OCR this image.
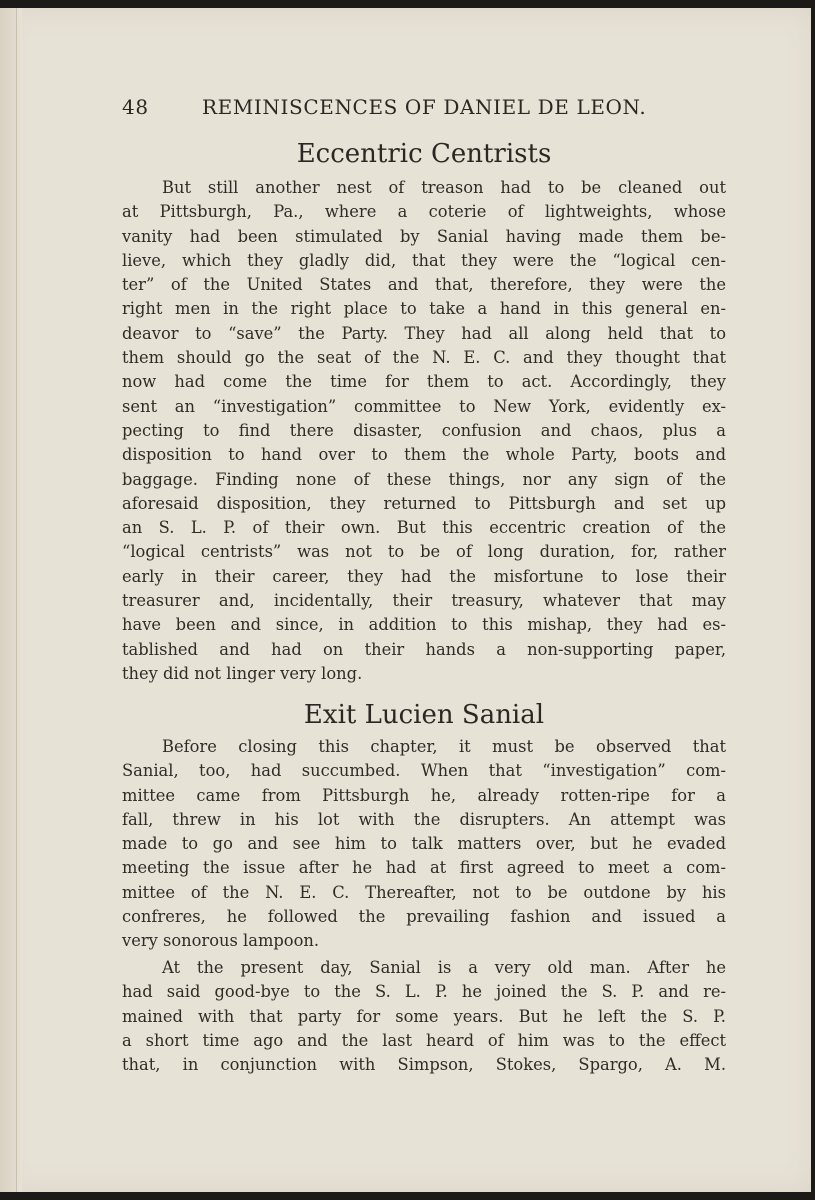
48	REMINISCENCES OF DANIEL DE LEON.
Eccentric Centrists
But still another nest of treason had to be cleaned out
at Pittsburgh, Pa., where a coterie of lightweights, whose
vanity had been stimulated by Sanial having made them be-
lieve, which they gladly did, that they were the “logical cen-
ter” of the United States and that, therefore, they were the
right men in the right place to take a hand in this general en-
deavor to “save” the Party. They had all along held that to
them should go the seat of the N. E. C. and they thought that
now had come the time for them to act. Accordingly, they
sent an “investigation” committee to New York, evidently ex-
pecting to find there disaster, confusion and chaos, plus a
disposition to hand over to them the whole Party, boots and
baggage. Finding none of these things, nor any sign of the
aforesaid disposition, they returned to Pittsburgh and set up
an S. L. P. of their own. But this eccentric creation of the
“logical centrists” was not to be of long duration, for, rather
early in their career, they had the misfortune to lose their
treasurer and, incidentally, their treasury, whatever that may
have been and since, in addition to this mishap, they had es-
tablished and had on their hands a non-supporting paper,
they did not linger very long.
Exit Lucien Sanial
Before closing this chapter, it must be observed that
Sanial, too, had succumbed. When that “investigation” com-
mittee came from Pittsburgh he, already rotten-ripe for a
fall, threw in his lot with the disrupters. An attempt was
made to go and see him to talk matters over, but he evaded
meeting the issue after he had at first agreed to meet a com-
mittee of the N. E. C. Thereafter, not to be outdone by his
confreres, he followed the prevailing fashion and issued a
very sonorous lampoon.
At the present day, Sanial is a very old man. After he
had said good-bye to the S. L. P. he joined the S. P. and re-
mained with that party for some years. But he left the S. P.
a short time ago and the last heard of him was to the effect
that, in conjunction with Simpson, Stokes, Spargo, A. M.
